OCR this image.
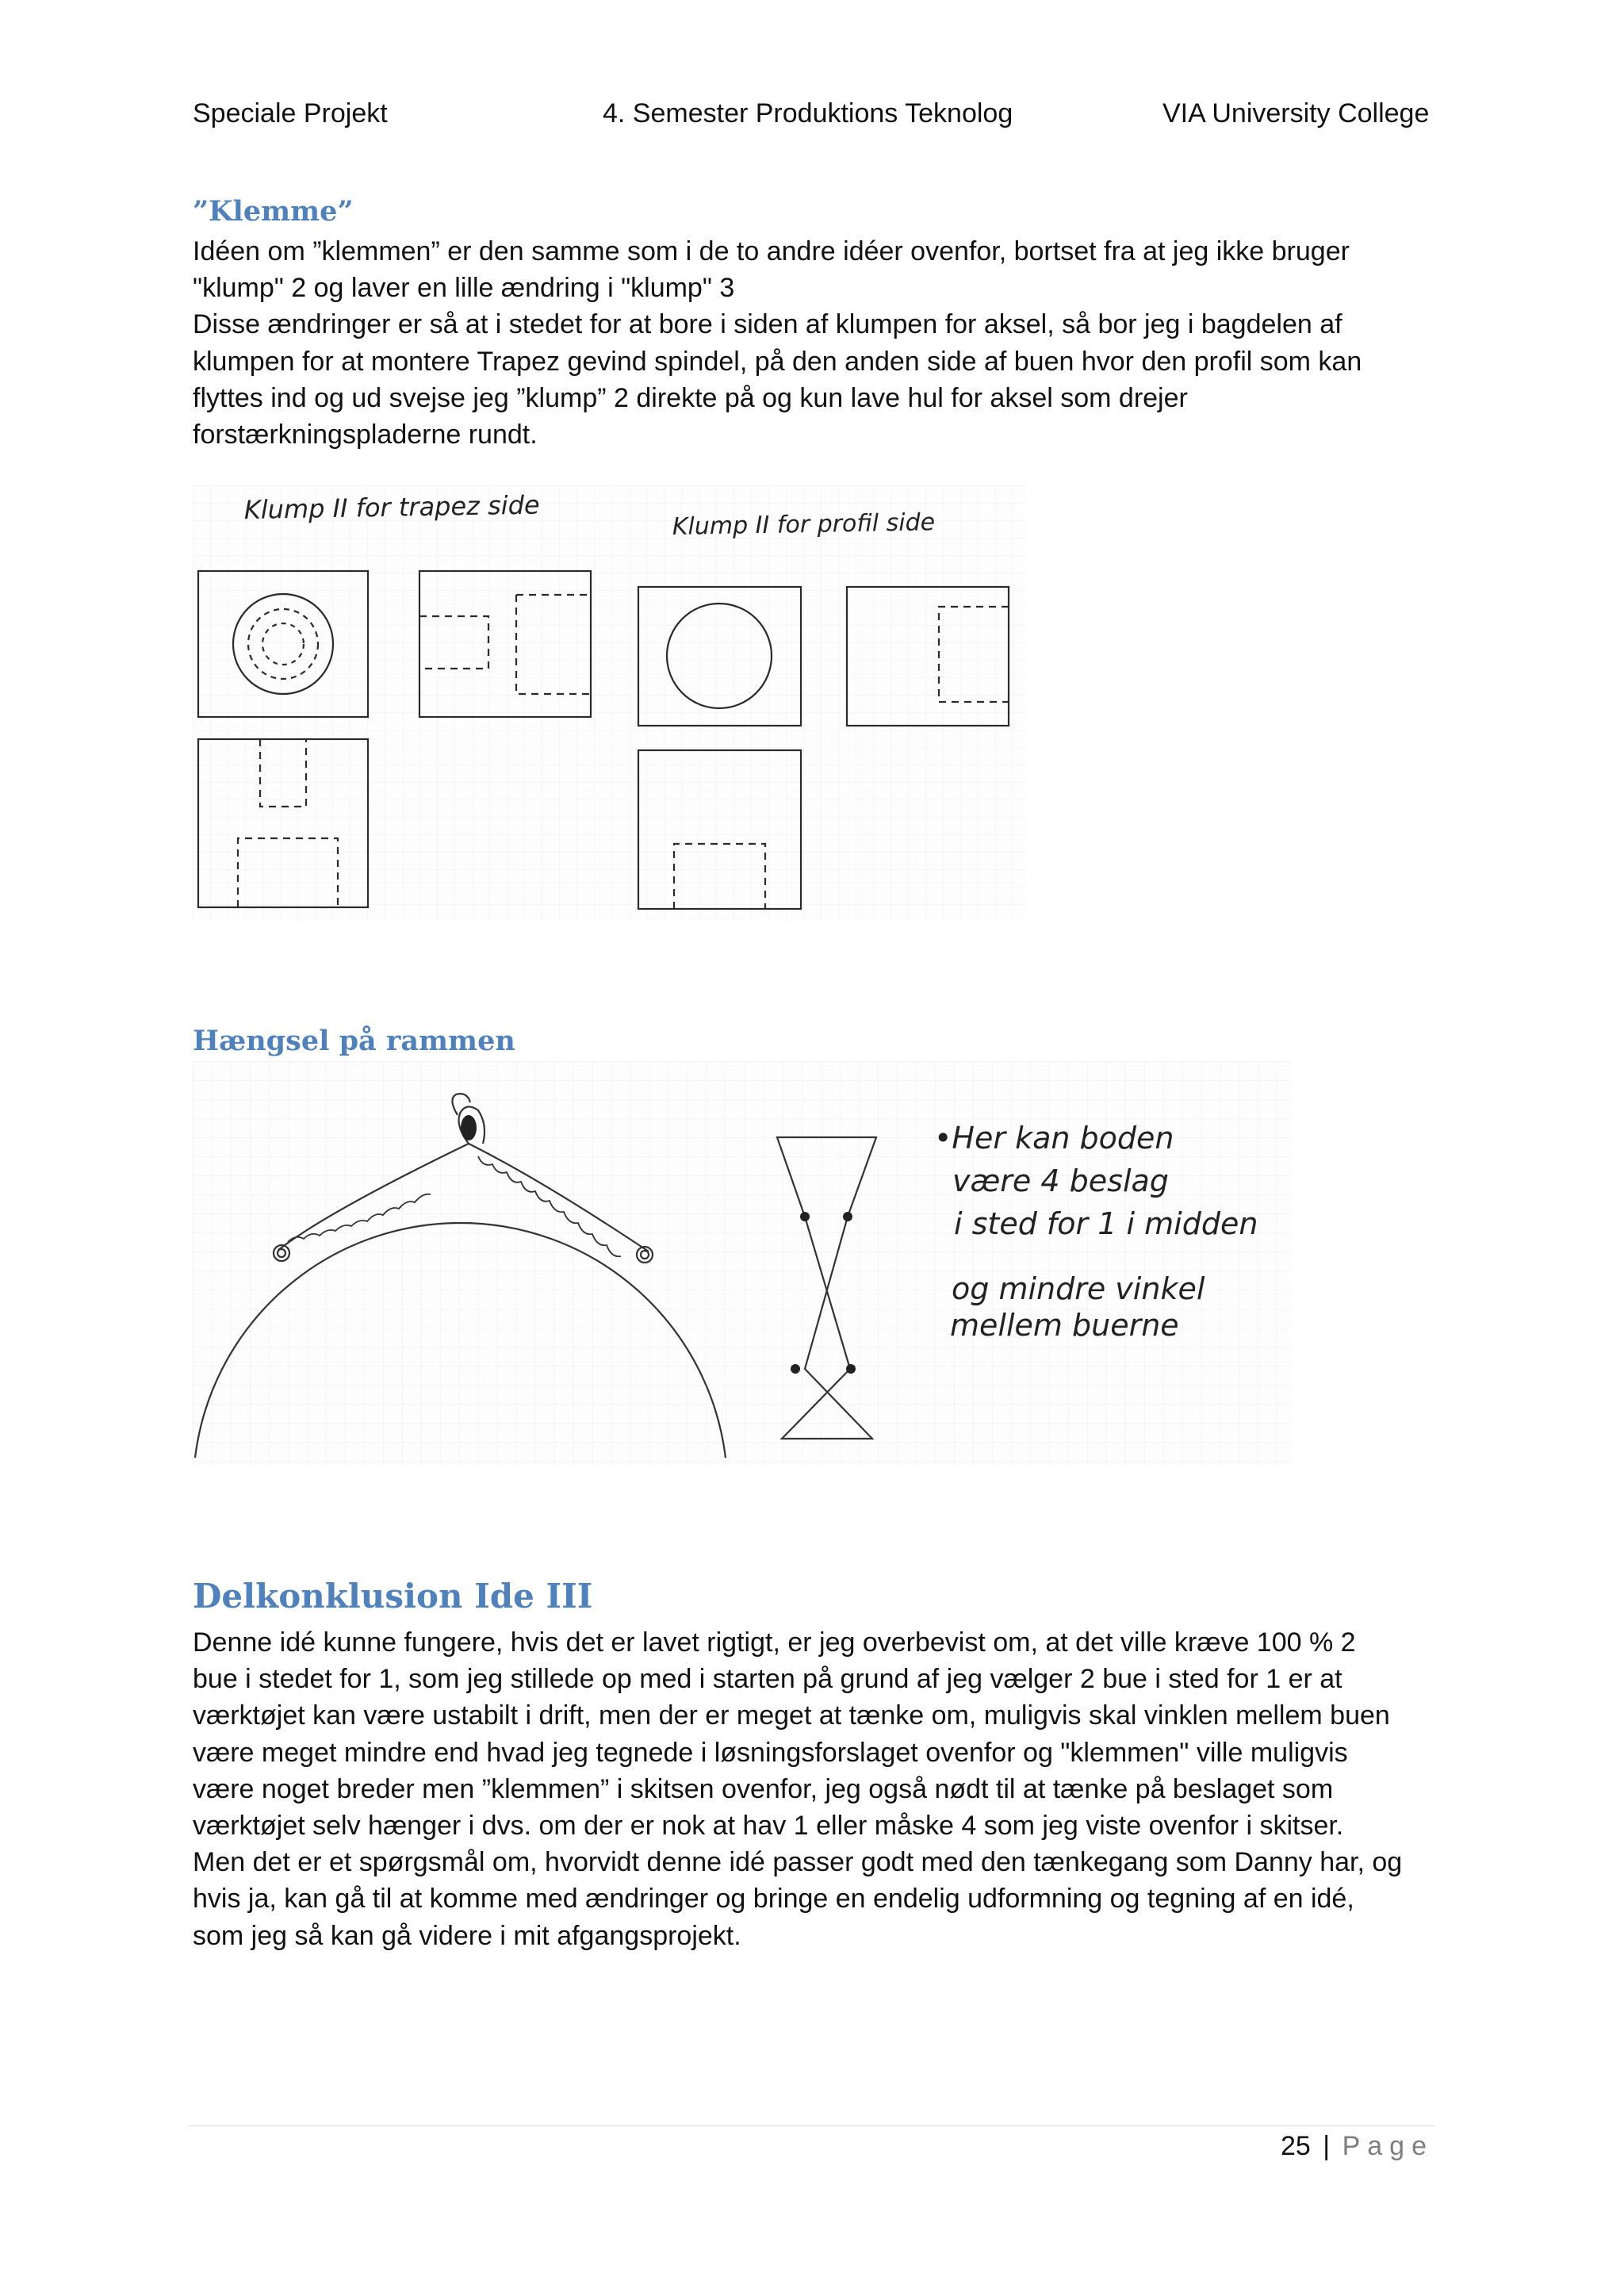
Speciale Projekt	4. Semester Produktions Teknolog	VIA University College
”Klemme”
Idéen om ”klemmen” er den samme som i de to andre idéer ovenfor, bortset fra at jeg ikke bruger
"klump" 2 og laver en lille ændring i "klump" 3
Disse ændringer er så at i stedet for at bore i siden af klumpen for aksel, så bor jeg i bagdelen af
klumpen for at montere Trapez gevind spindel, på den anden side af buen hvor den profil som kan
flyttes ind og ud svejse jeg ”klump” 2 direkte på og kun lave hul for aksel som drejer
forstærkningspladerne rundt.
Klump II for trapez side	Klump II for profil side
Hængsel på rammen
•Her kan boden
være 4 beslag
i sted for 1 i midden
og mindre vinkel
mellem buerne
Delkonklusion Ide III
Denne idé kunne fungere, hvis det er lavet rigtigt, er jeg overbevist om, at det ville kræve 100 % 2
bue i stedet for 1, som jeg stillede op med i starten på grund af jeg vælger 2 bue i sted for 1 er at
værktøjet kan være ustabilt i drift, men der er meget at tænke om, muligvis skal vinklen mellem buen
være meget mindre end hvad jeg tegnede i løsningsforslaget ovenfor og "klemmen" ville muligvis
være noget breder men ”klemmen” i skitsen ovenfor, jeg også nødt til at tænke på beslaget som
værktøjet selv hænger i dvs. om der er nok at hav 1 eller måske 4 som jeg viste ovenfor i skitser.
Men det er et spørgsmål om, hvorvidt denne idé passer godt med den tænkegang som Danny har, og
hvis ja, kan gå til at komme med ændringer og bringe en endelig udformning og tegning af en idé,
som jeg så kan gå videre i mit afgangsprojekt.
25 | Page
